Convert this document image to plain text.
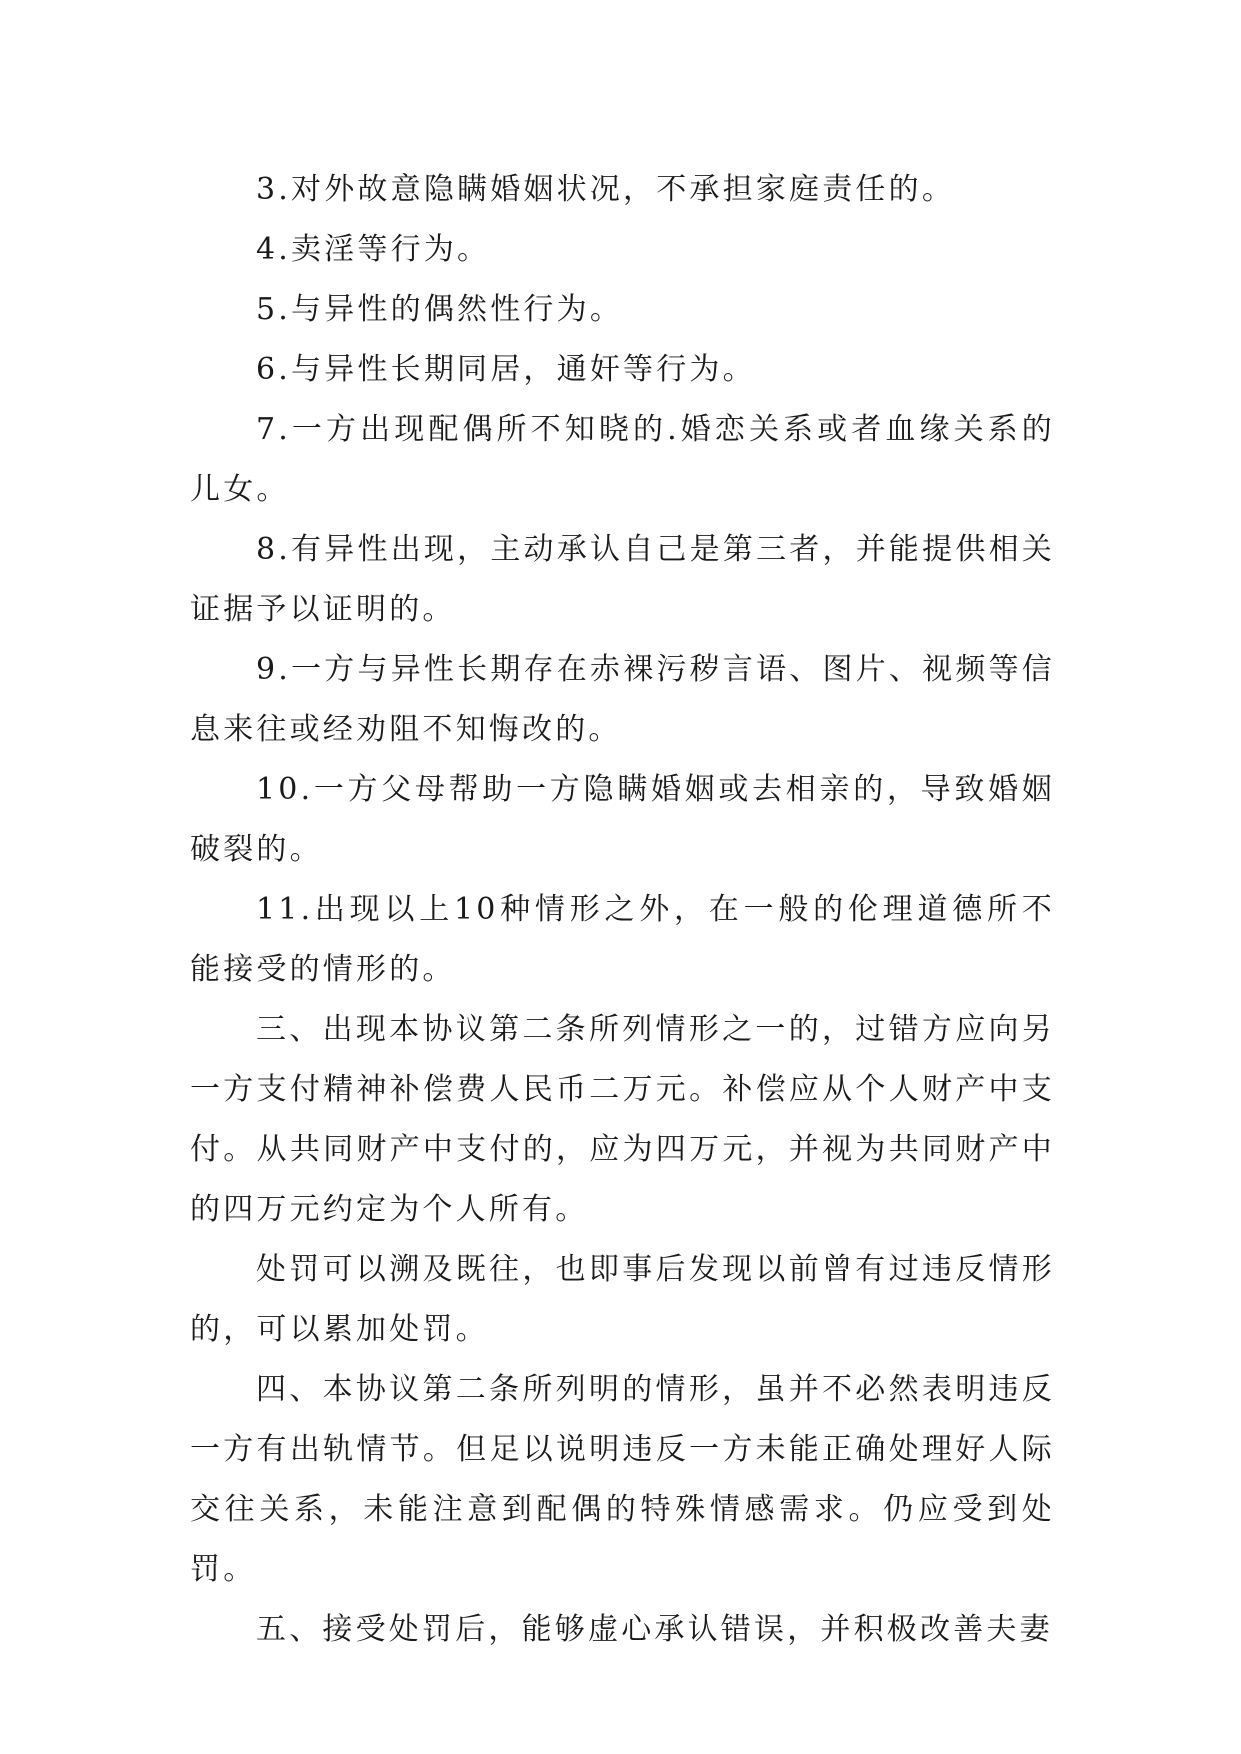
3.对外故意隐瞒婚姻状况，不承担家庭责任的。

4.卖淫等行为。

5.与异性的偶然性行为。

6.与异性长期同居，通奸等行为。

7.一方出现配偶所不知晓的.婚恋关系或者血缘关系的儿女。

8.有异性出现，主动承认自己是第三者，并能提供相关证据予以证明的。

9.一方与异性长期存在赤裸污秽言语、图片、视频等信息来往或经劝阻不知悔改的。

10.一方父母帮助一方隐瞒婚姻或去相亲的，导致婚姻破裂的。

11.出现以上10种情形之外，在一般的伦理道德所不能接受的情形的。

三、出现本协议第二条所列情形之一的，过错方应向另一方支付精神补偿费人民币二万元。补偿应从个人财产中支付。从共同财产中支付的，应为四万元，并视为共同财产中的四万元约定为个人所有。

处罚可以溯及既往，也即事后发现以前曾有过违反情形的，可以累加处罚。

四、本协议第二条所列明的情形，虽并不必然表明违反一方有出轨情节。但足以说明违反一方未能正确处理好人际交往关系，未能注意到配偶的特殊情感需求。仍应受到处罚。

五、接受处罚后，能够虚心承认错误，并积极改善夫妻
